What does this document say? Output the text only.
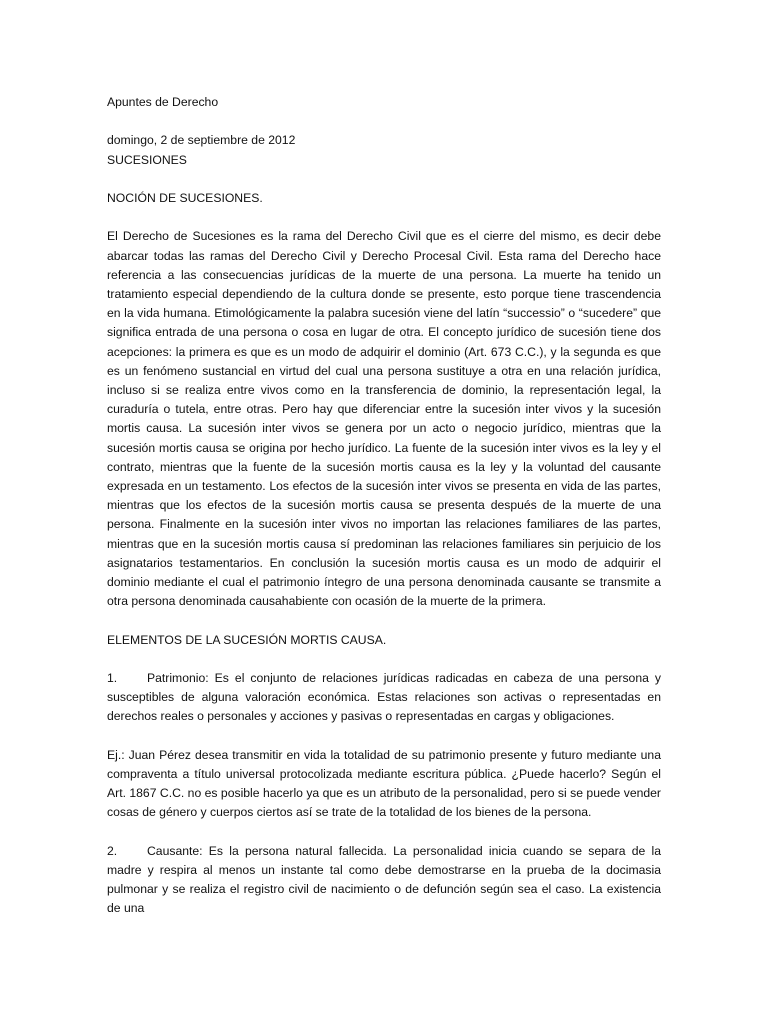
Apuntes de Derecho

domingo, 2 de septiembre de 2012

SUCESIONES

NOCIÓN DE SUCESIONES.

El Derecho de Sucesiones es la rama del Derecho Civil que es el cierre del mismo, es decir debe abarcar todas las ramas del Derecho Civil y Derecho Procesal Civil. Esta rama del Derecho hace referencia a las consecuencias jurídicas de la muerte de una persona. La muerte ha tenido un tratamiento especial dependiendo de la cultura donde se presente, esto porque tiene trascendencia en la vida humana. Etimológicamente la palabra sucesión viene del latín “successio” o “sucedere” que significa entrada de una persona o cosa en lugar de otra. El concepto jurídico de sucesión tiene dos acepciones: la primera es que es un modo de adquirir el dominio (Art. 673 C.C.), y la segunda es que es un fenómeno sustancial en virtud del cual una persona sustituye a otra en una relación jurídica, incluso si se realiza entre vivos como en la transferencia de dominio, la representación legal, la curaduría o tutela, entre otras. Pero hay que diferenciar entre la sucesión inter vivos y la sucesión mortis causa. La sucesión inter vivos se genera por un acto o negocio jurídico, mientras que la sucesión mortis causa se origina por hecho jurídico. La fuente de la sucesión inter vivos es la ley y el contrato, mientras que la fuente de la sucesión mortis causa es la ley y la voluntad del causante expresada en un testamento. Los efectos de la sucesión inter vivos se presenta en vida de las partes, mientras que los efectos de la sucesión mortis causa se presenta después de la muerte de una persona. Finalmente en la sucesión inter vivos no importan las relaciones familiares de las partes, mientras que en la sucesión mortis causa sí predominan las relaciones familiares sin perjuicio de los asignatarios testamentarios. En conclusión la sucesión mortis causa es un modo de adquirir el dominio mediante el cual el patrimonio íntegro de una persona denominada causante se transmite a otra persona denominada causahabiente con ocasión de la muerte de la primera.

ELEMENTOS DE LA SUCESIÓN MORTIS CAUSA.

1. Patrimonio: Es el conjunto de relaciones jurídicas radicadas en cabeza de una persona y susceptibles de alguna valoración económica. Estas relaciones son activas o representadas en derechos reales o personales y acciones y pasivas o representadas en cargas y obligaciones.

Ej.: Juan Pérez desea transmitir en vida la totalidad de su patrimonio presente y futuro mediante una compraventa a título universal protocolizada mediante escritura pública. ¿Puede hacerlo? Según el Art. 1867 C.C. no es posible hacerlo ya que es un atributo de la personalidad, pero si se puede vender cosas de género y cuerpos ciertos así se trate de la totalidad de los bienes de la persona.

2. Causante: Es la persona natural fallecida. La personalidad inicia cuando se separa de la madre y respira al menos un instante tal como debe demostrarse en la prueba de la docimasia pulmonar y se realiza el registro civil de nacimiento o de defunción según sea el caso. La existencia de una
